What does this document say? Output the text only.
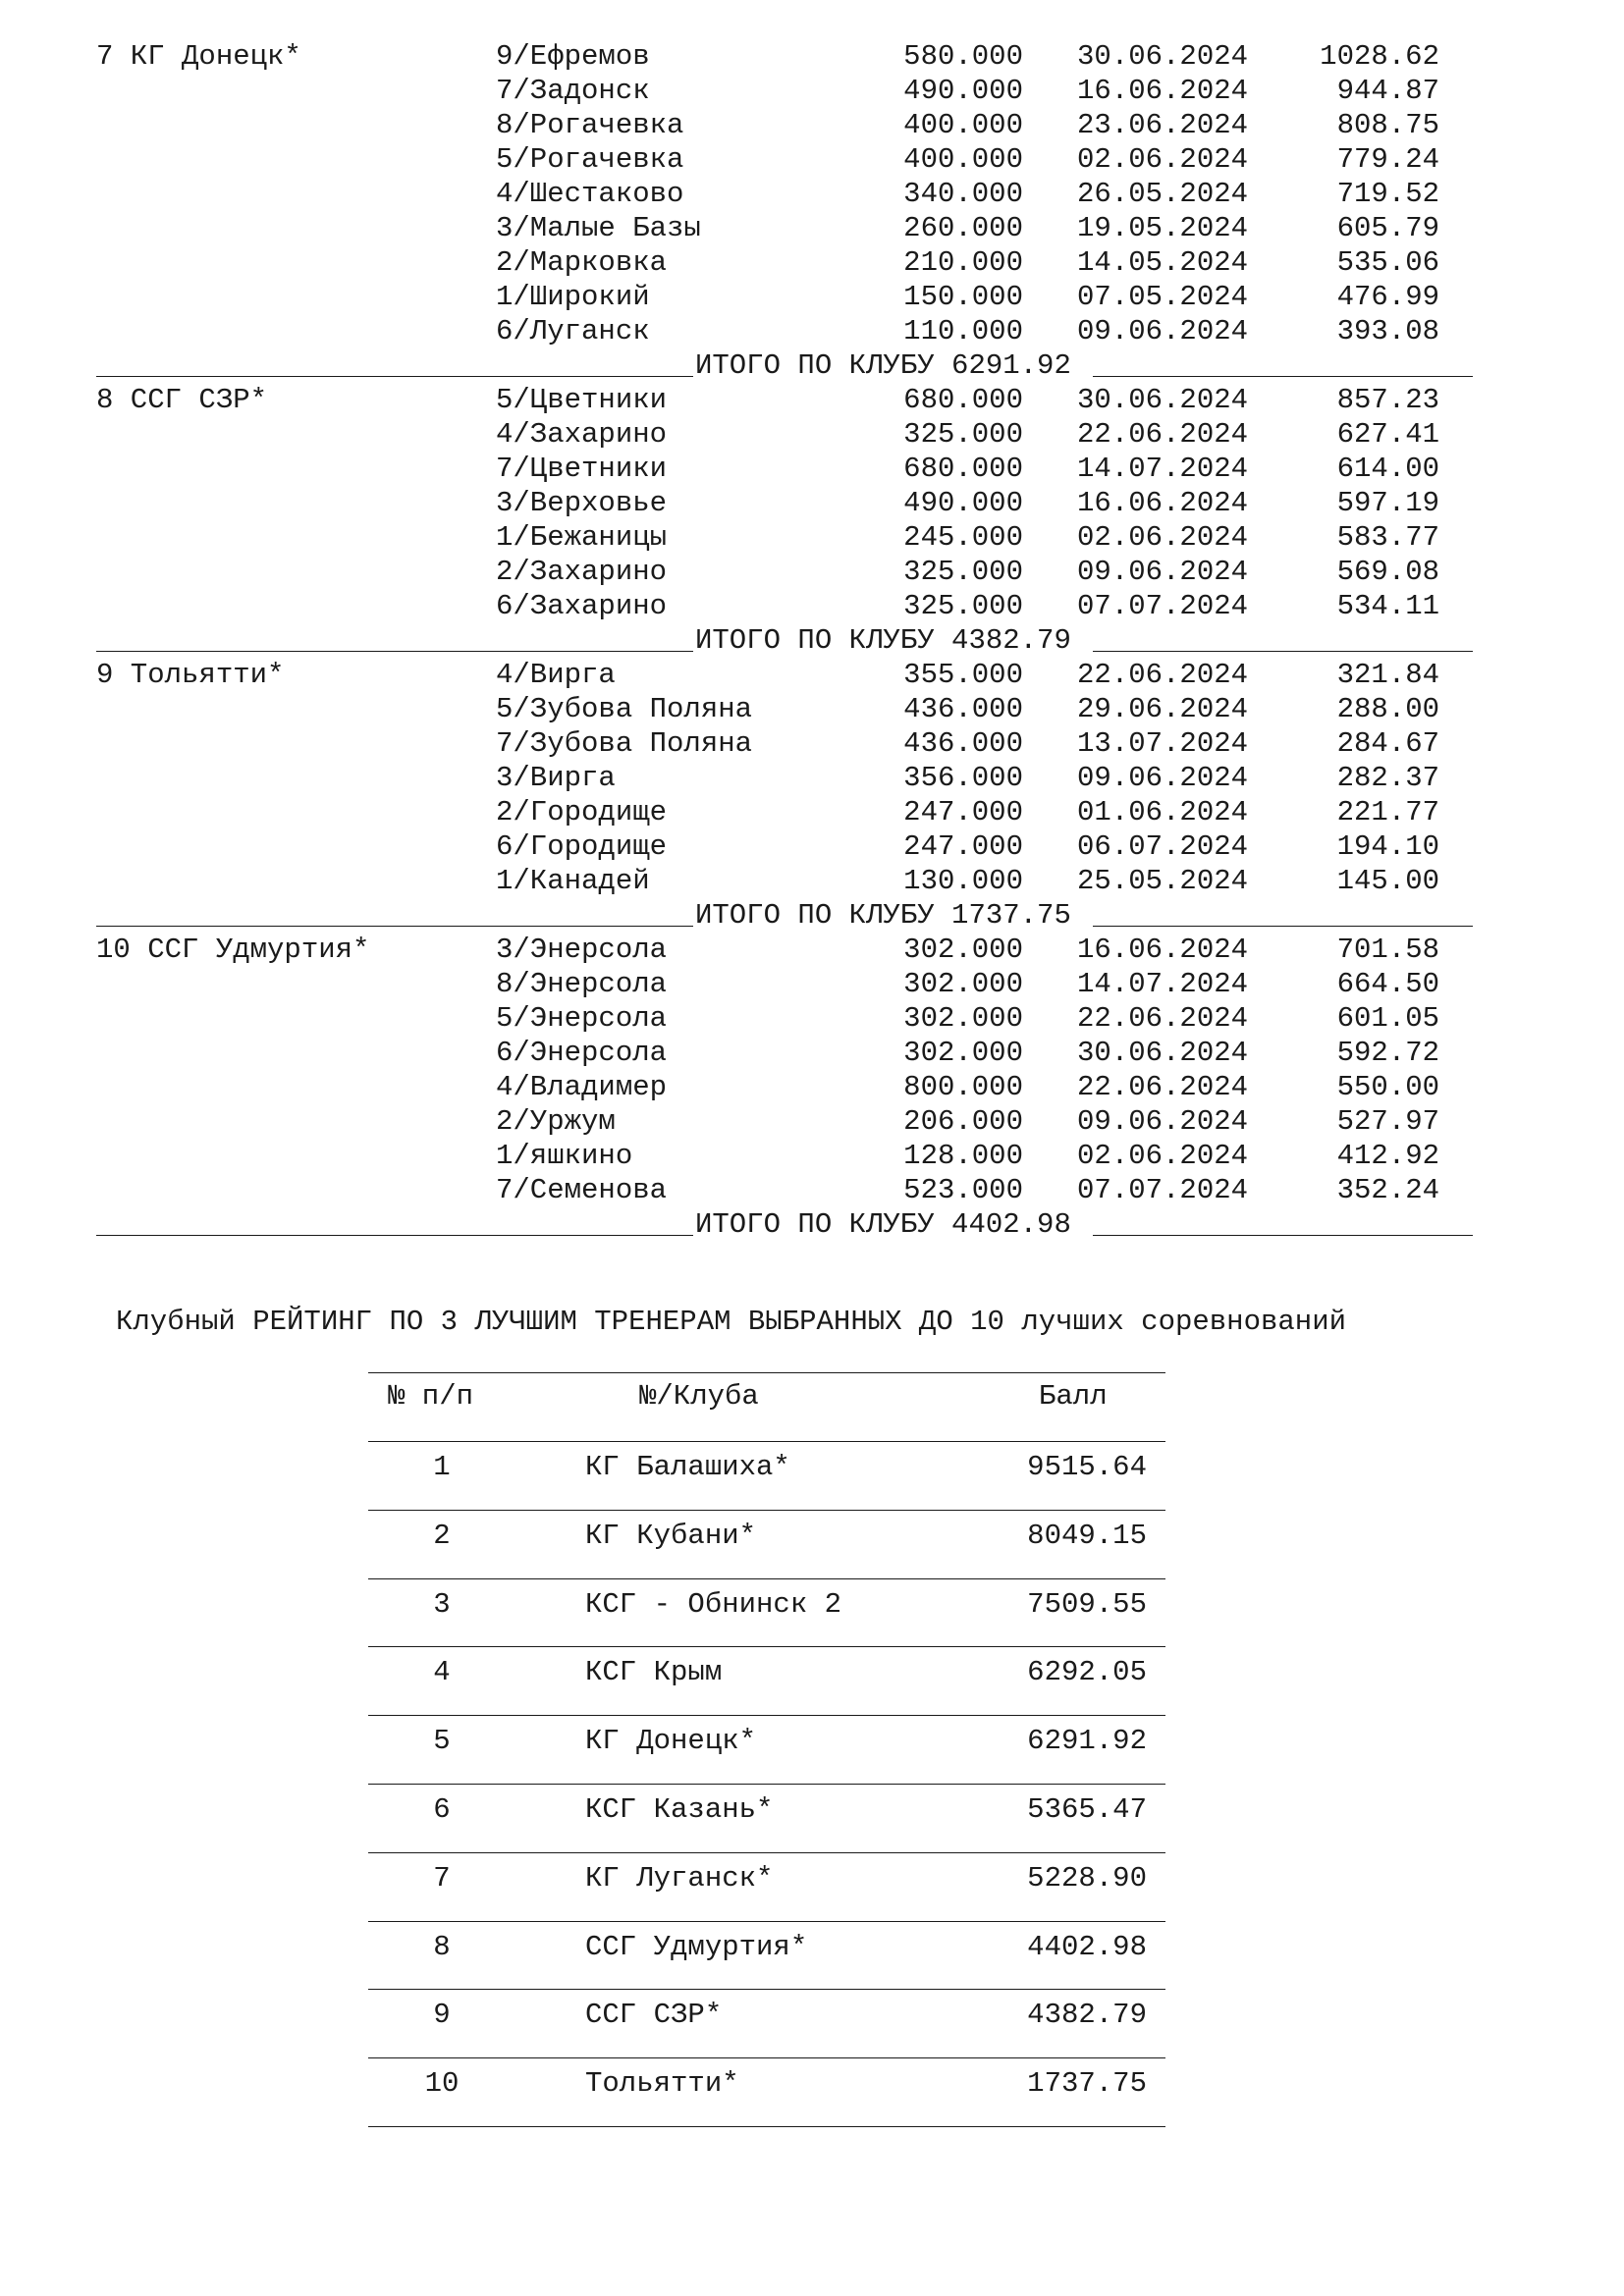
7 КГ Донецк*	9/Ефремов	580.000 30.06.2024	1028.62
7/Задонск	490.000 16.06.2024	944.87
8/Рогачевка	400.000 23.06.2024	808.75
5/Рогачевка	400.000 02.06.2024	779.24
4/Шестаково	340.000 26.05.2024	719.52
3/Малые Базы	260.000 19.05.2024	605.79
2/Марковка	210.000 14.05.2024	535.06
1/Широкий	150.000 07.05.2024	476.99
6/Луганск	110.000 09.06.2024	393.08
ИТОГО ПО КЛУБУ 6291.92
8 ССГ СЗР*	5/Цветники	680.000 30.06.2024	857.23
4/Захарино	325.000 22.06.2024	627.41
7/Цветники	680.000 14.07.2024	614.00
3/Верховье	490.000 16.06.2024	597.19
1/Бежаницы	245.000 02.06.2024	583.77
2/Захарино	325.000 09.06.2024	569.08
6/Захарино	325.000 07.07.2024	534.11
ИТОГО ПО КЛУБУ 4382.79
9 Тольятти*	4/Вирга	355.000 22.06.2024	321.84
5/Зубова Поляна	436.000 29.06.2024	288.00
7/Зубова Поляна	436.000 13.07.2024	284.67
3/Вирга	356.000 09.06.2024	282.37
2/Городище	247.000 01.06.2024	221.77
6/Городище	247.000 06.07.2024	194.10
1/Канадей	130.000 25.05.2024	145.00
ИТОГО ПО КЛУБУ 1737.75
10 ССГ Удмуртия*	3/Энерсола	302.000 16.06.2024	701.58
8/Энерсола	302.000 14.07.2024	664.50
5/Энерсола	302.000 22.06.2024	601.05
6/Энерсола	302.000 30.06.2024	592.72
4/Владимер	800.000 22.06.2024	550.00
2/Уржум	206.000 09.06.2024	527.97
1/яшкино	128.000 02.06.2024	412.92
7/Семенова	523.000 07.07.2024	352.24
ИТОГО ПО КЛУБУ 4402.98
Клубный РЕЙТИНГ ПО 3 ЛУЧШИМ ТРЕНЕРАМ ВЫБРАННЫХ ДО 10 лучших соревнований
№ п/п	№/Клуба	Балл
1	КГ Балашиха*	9515.64
2	КГ Кубани*	8049.15
3	КСГ - Обнинск 2	7509.55
4	КСГ Крым	6292.05
5	КГ Донецк*	6291.92
6	КСГ Казань*	5365.47
7	КГ Луганск*	5228.90
8	ССГ Удмуртия*	4402.98
9	ССГ СЗР*	4382.79
10	Тольятти*	1737.75
